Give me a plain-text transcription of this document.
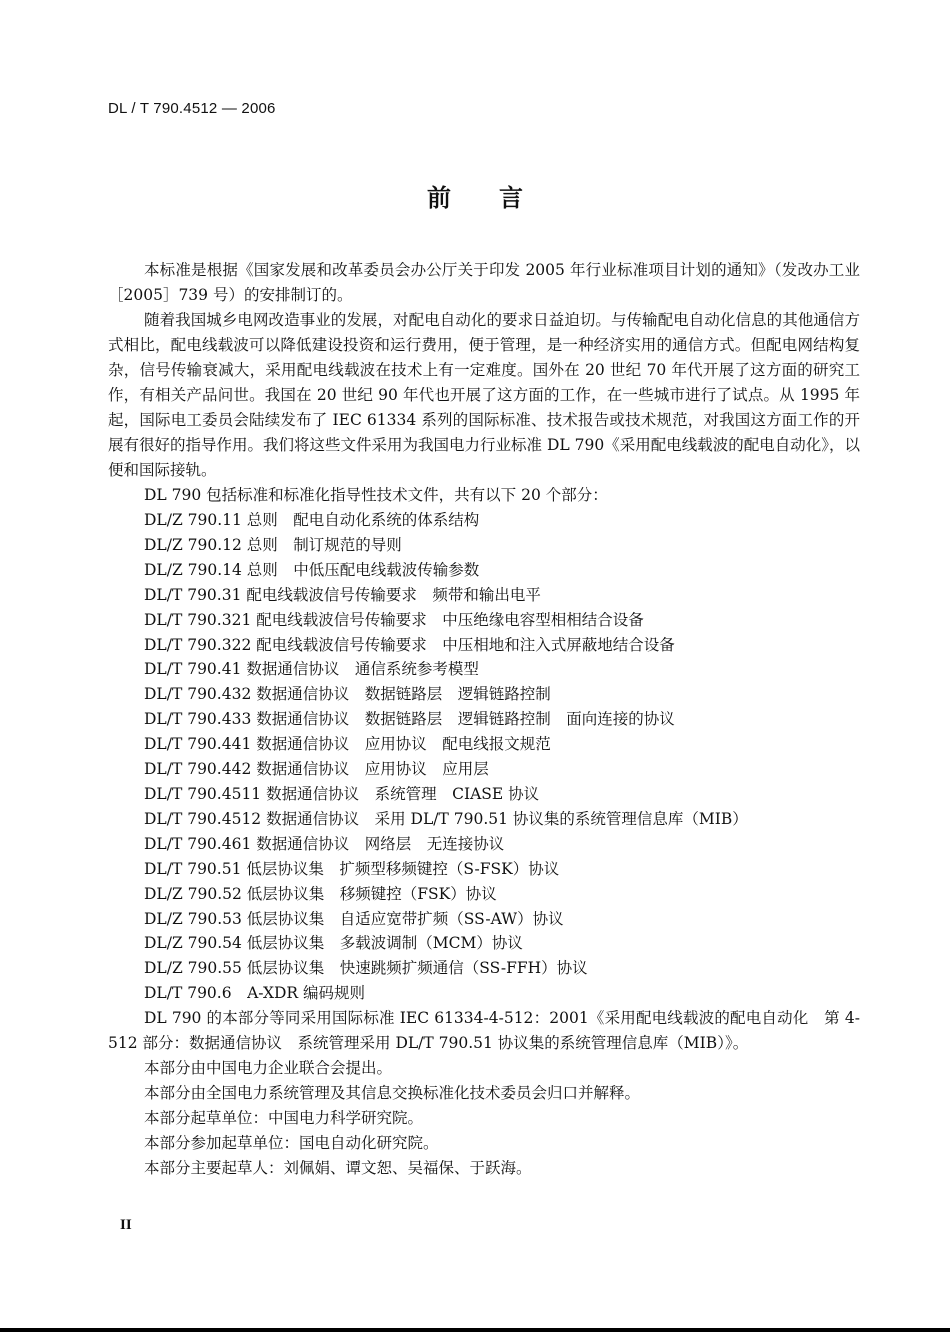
DL / T 790.4512 — 2006
前言

本标准是根据《国家发展和改革委员会办公厅关于印发 2005 年行业标准项目计划的通知》（发改办工业［2005］739 号）的安排制订的。

随着我国城乡电网改造事业的发展，对配电自动化的要求日益迫切。与传输配电自动化信息的其他通信方式相比，配电线载波可以降低建设投资和运行费用，便于管理，是一种经济实用的通信方式。但配电网结构复杂，信号传输衰减大，采用配电线载波在技术上有一定难度。国外在 20 世纪 70 年代开展了这方面的研究工作，有相关产品问世。我国在 20 世纪 90 年代也开展了这方面的工作，在一些城市进行了试点。从 1995 年起，国际电工委员会陆续发布了 IEC 61334 系列的国际标准、技术报告或技术规范，对我国这方面工作的开展有很好的指导作用。我们将这些文件采用为我国电力行业标准 DL 790《采用配电线载波的配电自动化》，以便和国际接轨。

DL 790 包括标准和标准化指导性技术文件，共有以下 20 个部分：

DL/Z 790.11 总则　配电自动化系统的体系结构

DL/Z 790.12 总则　制订规范的导则

DL/Z 790.14 总则　中低压配电线载波传输参数

DL/T 790.31 配电线载波信号传输要求　频带和输出电平

DL/T 790.321 配电线载波信号传输要求　中压绝缘电容型相相结合设备

DL/T 790.322 配电线载波信号传输要求　中压相地和注入式屏蔽地结合设备

DL/T 790.41 数据通信协议　通信系统参考模型

DL/T 790.432 数据通信协议　数据链路层　逻辑链路控制

DL/T 790.433 数据通信协议　数据链路层　逻辑链路控制　面向连接的协议

DL/T 790.441 数据通信协议　应用协议　配电线报文规范

DL/T 790.442 数据通信协议　应用协议　应用层

DL/T 790.4511 数据通信协议　系统管理　CIASE 协议

DL/T 790.4512 数据通信协议　采用 DL/T 790.51 协议集的系统管理信息库（MIB）

DL/T 790.461 数据通信协议　网络层　无连接协议

DL/T 790.51 低层协议集　扩频型移频键控（S-FSK）协议

DL/Z 790.52 低层协议集　移频键控（FSK）协议

DL/Z 790.53 低层协议集　自适应宽带扩频（SS-AW）协议

DL/Z 790.54 低层协议集　多载波调制（MCM）协议

DL/Z 790.55 低层协议集　快速跳频扩频通信（SS-FFH）协议

DL/T 790.6　A-XDR 编码规则

DL 790 的本部分等同采用国际标准 IEC 61334-4-512：2001《采用配电线载波的配电自动化　第 4-512 部分：数据通信协议　系统管理采用 DL/T 790.51 协议集的系统管理信息库（MIB）》。

本部分由中国电力企业联合会提出。

本部分由全国电力系统管理及其信息交换标准化技术委员会归口并解释。

本部分起草单位：中国电力科学研究院。

本部分参加起草单位：国电自动化研究院。

本部分主要起草人：刘佩娟、谭文恕、吴福保、于跃海。

II
